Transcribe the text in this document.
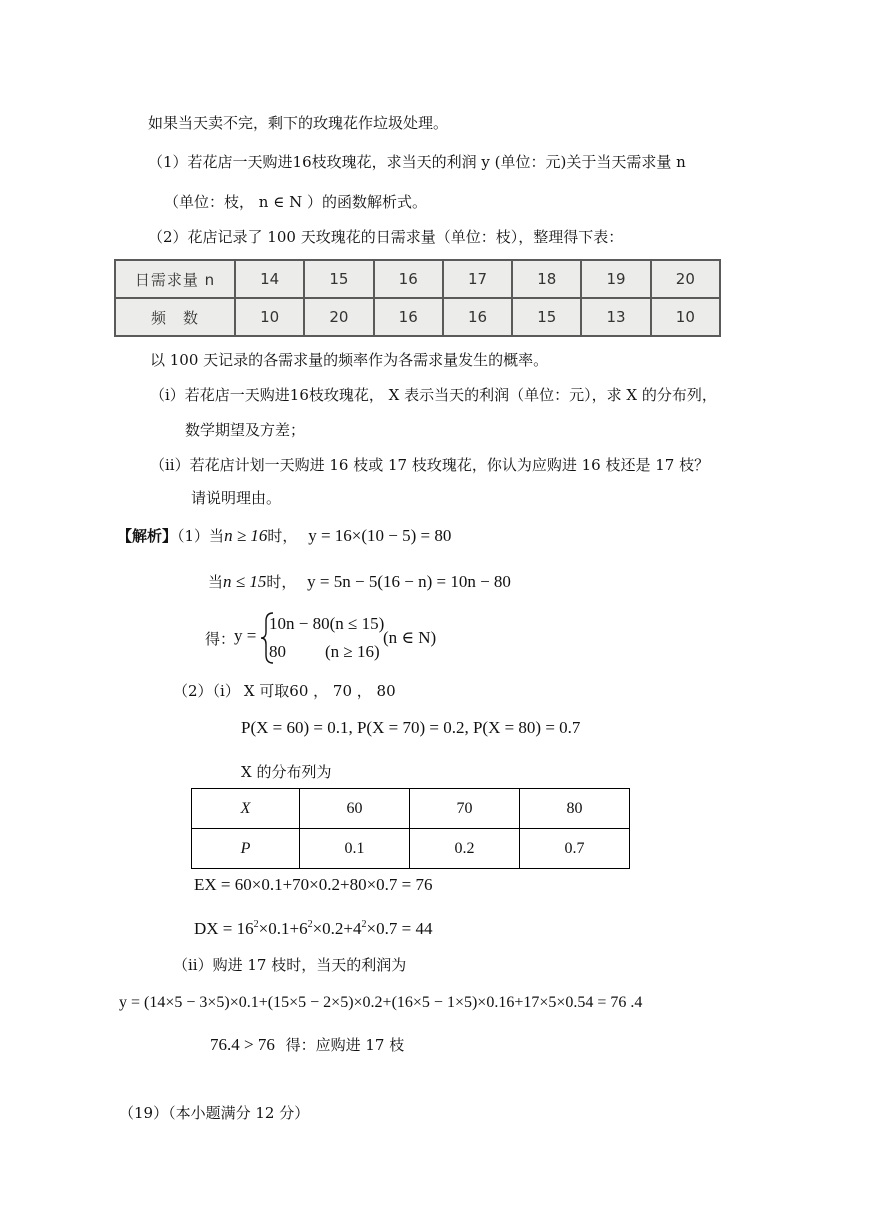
如果当天卖不完，剩下的玫瑰花作垃圾处理。
（1）若花店一天购进16枝玫瑰花，求当天的利润 y (单位：元)关于当天需求量 n
（单位：枝， n ∈ N ）的函数解析式。
（2）花店记录了 100 天玫瑰花的日需求量（单位：枝），整理得下表：
日需求量 n	14	15	16	17	18	19	20
频　数	10	20	16	16	15	13	10
以 100 天记录的各需求量的频率作为各需求量发生的概率。
（i）若花店一天购进16枝玫瑰花， X 表示当天的利润（单位：元），求 X 的分布列，
数学期望及方差；
（ii）若花店计划一天购进 16 枝或 17 枝玫瑰花，你认为应购进 16 枝还是 17 枝？
请说明理由。
【解析】（1）当n ≥ 16时， y = 16×(10 − 5) = 80
当n ≤ 15时， y = 5n − 5(16 − n) = 10n − 80
得：
y =
10n − 80(n ≤ 15)
80 (n ≥ 16)
(n ∈ N)
（2）（i） X 可取60 ， 70 ， 80
P(X = 60) = 0.1, P(X = 70) = 0.2, P(X = 80) = 0.7
X 的分布列为
X	60	70	80
P	0.1	0.2	0.7
EX = 60×0.1+70×0.2+80×0.7 = 76
DX = $16^2\times 0.1+6^2\times 0.2+4^2\times 0.7 = 44$
（ii）购进 17 枝时，当天的利润为
y = (14×5 − 3×5)×0.1+(15×5 − 2×5)×0.2+(16×5 − 1×5)×0.16+17×5×0.54 = 76 .4
76.4 > 76 得：应购进 17 枝
（19）（本小题满分 12 分）
